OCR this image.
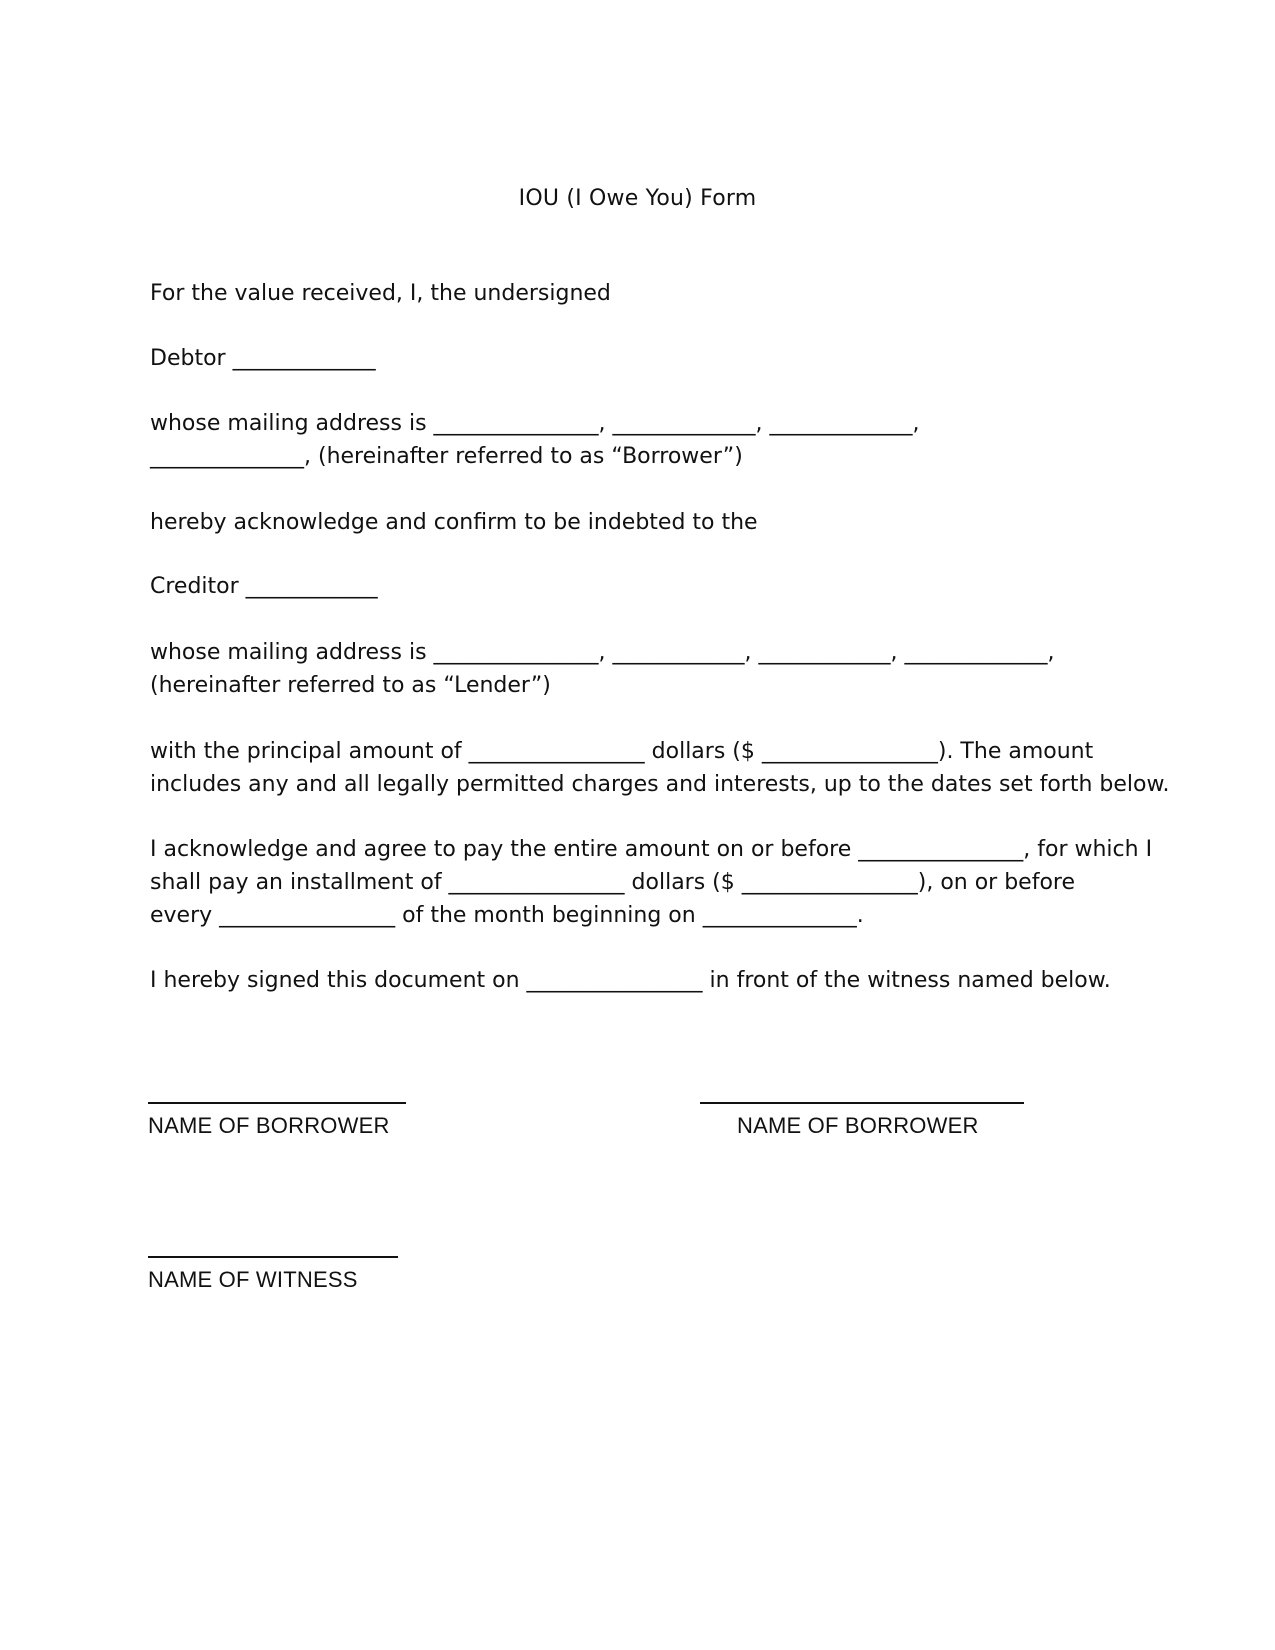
IOU (I Owe You) Form
For the value received, I, the undersigned
Debtor _____________
whose mailing address is _______________, _____________, _____________,
______________, (hereinafter referred to as “Borrower”)
hereby acknowledge and confirm to be indebted to the
Creditor ____________
whose mailing address is _______________, ____________, ____________, _____________,
(hereinafter referred to as “Lender”)
with the principal amount of ________________ dollars ($ ________________). The amount
includes any and all legally permitted charges and interests, up to the dates set forth below.
I acknowledge and agree to pay the entire amount on or before _______________, for which I
shall pay an installment of ________________ dollars ($ ________________), on or before
every ________________ of the month beginning on ______________.
I hereby signed this document on ________________ in front of the witness named below.
NAME OF BORROWER	NAME OF BORROWER
NAME OF WITNESS
